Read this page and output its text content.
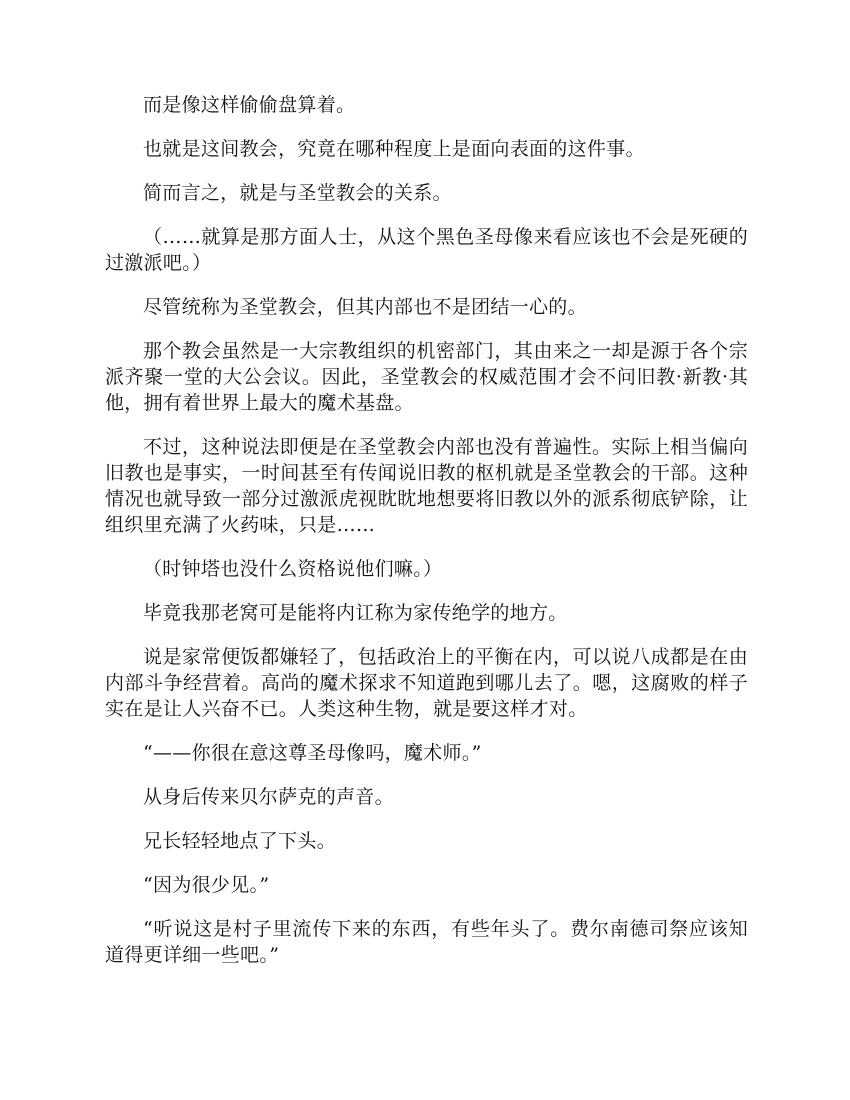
而是像这样偷偷盘算着。

也就是这间教会，究竟在哪种程度上是面向表面的这件事。

简而言之，就是与圣堂教会的关系。

（……就算是那方面人士，从这个黑色圣母像来看应该也不会是死硬的过激派吧。）

尽管统称为圣堂教会，但其内部也不是团结一心的。

那个教会虽然是一大宗教组织的机密部门，其由来之一却是源于各个宗派齐聚一堂的大公会议。因此，圣堂教会的权威范围才会不问旧教·新教·其他，拥有着世界上最大的魔术基盘。

不过，这种说法即便是在圣堂教会内部也没有普遍性。实际上相当偏向旧教也是事实，一时间甚至有传闻说旧教的枢机就是圣堂教会的干部。这种情况也就导致一部分过激派虎视眈眈地想要将旧教以外的派系彻底铲除，让组织里充满了火药味，只是……

（时钟塔也没什么资格说他们嘛。）

毕竟我那老窝可是能将内讧称为家传绝学的地方。

说是家常便饭都嫌轻了，包括政治上的平衡在内，可以说八成都是在由内部斗争经营着。高尚的魔术探求不知道跑到哪儿去了。嗯，这腐败的样子实在是让人兴奋不已。人类这种生物，就是要这样才对。

“——你很在意这尊圣母像吗，魔术师。”

从身后传来贝尔萨克的声音。

兄长轻轻地点了下头。

“因为很少见。”

“听说这是村子里流传下来的东西，有些年头了。费尔南德司祭应该知道得更详细一些吧。”
